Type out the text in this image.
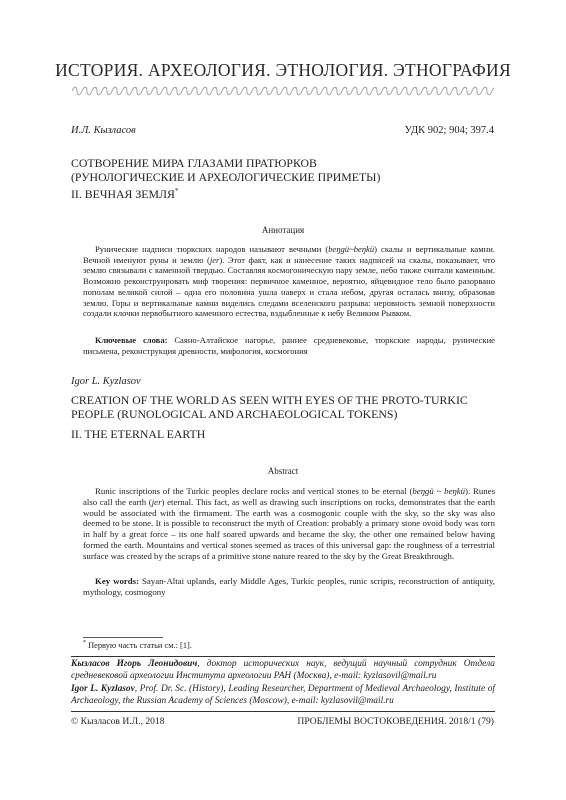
ИСТОРИЯ. АРХЕОЛОГИЯ. ЭТНОЛОГИЯ. ЭТНОГРАФИЯ
И.Л. Кызласов	УДК 902; 904; 397.4
СОТВОРЕНИЕ МИРА ГЛАЗАМИ ПРАТЮРКОВ
(РУНОЛОГИЧЕСКИЕ И АРХЕОЛОГИЧЕСКИЕ ПРИМЕТЫ)
II. ВЕЧНАЯ ЗЕМЛЯ*
Аннотация
Рунические надписи тюркских народов называют вечными (beŋgü~beŋkü) скалы и вертикальные камни. Вечной именуют руны и землю (jer). Этот факт, как и нанесение таких надписей на скалы, показывает, что землю связывали с каменной твердью. Составляя космогоническую пару земле, небо также считали каменным. Возможно реконструировать миф творения: первичное каменное, вероятно, яйцевидное тело было разорвано пополам великой силой – одна его половина ушла наверх и стала небом, другая осталась внизу, образовав землю. Горы и вертикальные камни виделись следами вселенского разрыва: неровность земной поверхности создали клочки первобытного каменного естества, вздыбленные к небу Великим Рывком.
Ключевые слова: Саяно-Алтайское нагорье, раннее средневековье, тюркские народы, рунические письмена, реконструкция древности, мифология, космогония
Igor L. Kyzlasov
CREATION OF THE WORLD AS SEEN WITH EYES OF THE PROTO-TURKIC
PEOPLE (RUNOLOGICAL AND ARCHAEOLOGICAL TOKENS)
II. THE ETERNAL EARTH
Abstract
Runic inscriptions of the Turkic peoples declare rocks and vertical stones to be eternal (beŋgü ~ beŋkü). Runes also call the earth (jer) eternal. This fact, as well as drawing such inscriptions on rocks, demonstrates that the earth would be associated with the firmament. The earth was a cosmogonic couple with the sky, so the sky was also deemed to be stone. It is possible to reconstruct the myth of Creation: probably a primary stone ovoid body was torn in half by a great force – its one half soared upwards and became the sky, the other one remained below having formed the earth. Mountains and vertical stones seemed as traces of this universal gap: the roughness of a terrestrial surface was created by the scraps of a primitive stone nature reared to the sky by the Great Breakthrough.
Key words: Sayan-Altai uplands, early Middle Ages, Turkic peoples, runic scripts, reconstruction of antiquity, mythology, cosmogony
* Первую часть статьи см.: [1].
Кызласов Игорь Леонидович, доктор исторических наук, ведущий научный сотрудник Отдела средневековой археологии Института археологии РАН (Москва), e-mail: kyzlasovil@mail.ru
Igor L. Kyzlasov, Prof. Dr. Sc. (History), Leading Researcher, Department of Medieval Archaeology, Institute of Archaeology, the Russian Academy of Sciences (Moscow), e-mail: kyzlasovil@mail.ru
© Кызласов И.Л., 2018	ПРОБЛЕМЫ ВОСТОКОВЕДЕНИЯ. 2018/1 (79)
